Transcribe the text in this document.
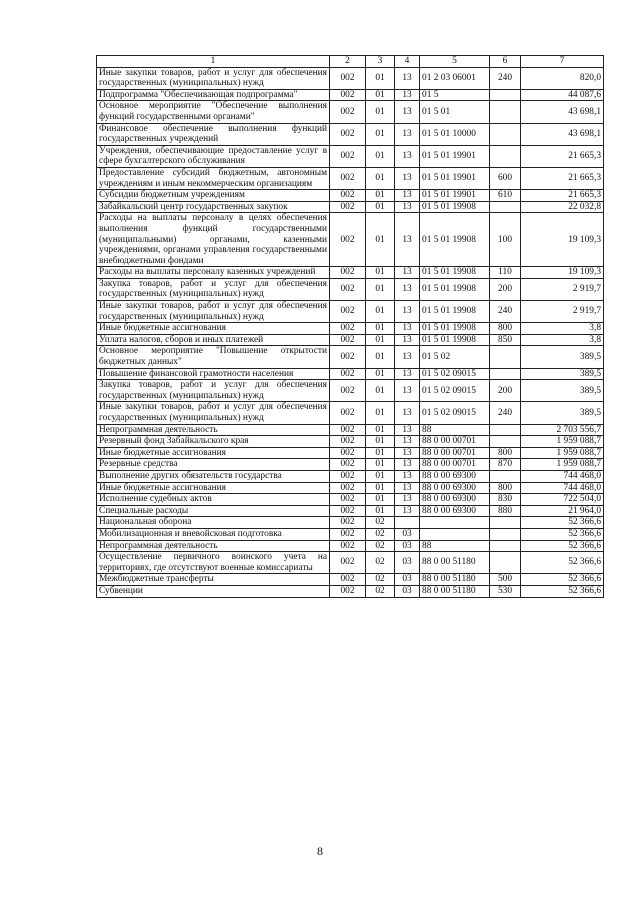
1	2	3	4	5	6	7
Иные закупки товаров, работ и услуг для обеспечения государственных (муниципальных) нужд	002	01	13	01 2 03 06001	240	820,0
Подпрограмма "Обеспечивающая подпрограмма"	002	01	13	01 5		44 087,6
Основное мероприятие "Обеспечение выполнения функций государственными органами"	002	01	13	01 5 01		43 698,1
Финансовое обеспечение выполнения функций государственных учреждений	002	01	13	01 5 01 10000		43 698,1
Учреждения, обеспечивающие предоставление услуг в сфере бухгалтерского обслуживания	002	01	13	01 5 01 19901		21 665,3
Предоставление субсидий бюджетным, автономным учреждениям и иным некоммерческим организациям	002	01	13	01 5 01 19901	600	21 665,3
Субсидии бюджетным учреждениям	002	01	13	01 5 01 19901	610	21 665,3
Забайкальский центр государственных закупок	002	01	13	01 5 01 19908		22 032,8
Расходы на выплаты персоналу в целях обеспечения выполнения функций государственными (муниципальными) органами, казенными учреждениями, органами управления государственными внебюджетными фондами	002	01	13	01 5 01 19908	100	19 109,3
Расходы на выплаты персоналу казенных учреждений	002	01	13	01 5 01 19908	110	19 109,3
Закупка товаров, работ и услуг для обеспечения государственных (муниципальных) нужд	002	01	13	01 5 01 19908	200	2 919,7
Иные закупки товаров, работ и услуг для обеспечения государственных (муниципальных) нужд	002	01	13	01 5 01 19908	240	2 919,7
Иные бюджетные ассигнования	002	01	13	01 5 01 19908	800	3,8
Уплата налогов, сборов и иных платежей	002	01	13	01 5 01 19908	850	3,8
Основное мероприятие "Повышение открытости бюджетных данных"	002	01	13	01 5 02		389,5
Повышение финансовой грамотности населения	002	01	13	01 5 02 09015		389,5
Закупка товаров, работ и услуг для обеспечения государственных (муниципальных) нужд	002	01	13	01 5 02 09015	200	389,5
Иные закупки товаров, работ и услуг для обеспечения государственных (муниципальных) нужд	002	01	13	01 5 02 09015	240	389,5
Непрограммная деятельность	002	01	13	88		2 703 556,7
Резервный фонд Забайкальского края	002	01	13	88 0 00 00701		1 959 088,7
Иные бюджетные ассигнования	002	01	13	88 0 00 00701	800	1 959 088,7
Резервные средства	002	01	13	88 0 00 00701	870	1 959 088,7
Выполнение других обязательств государства	002	01	13	88 0 00 69300		744 468,0
Иные бюджетные ассигнования	002	01	13	88 0 00 69300	800	744 468,0
Исполнение судебных актов	002	01	13	88 0 00 69300	830	722 504,0
Специальные расходы	002	01	13	88 0 00 69300	880	21 964,0
Национальная оборона	002	02				52 366,6
Мобилизационная и вневойсковая подготовка	002	02	03			52 366,6
Непрограммная деятельность	002	02	03	88		52 366,6
Осуществление первичного воинского учета на территориях, где отсутствуют военные комиссариаты	002	02	03	88 0 00 51180		52 366,6
Межбюджетные трансферты	002	02	03	88 0 00 51180	500	52 366,6
Субвенции	002	02	03	88 0 00 51180	530	52 366,6
8
